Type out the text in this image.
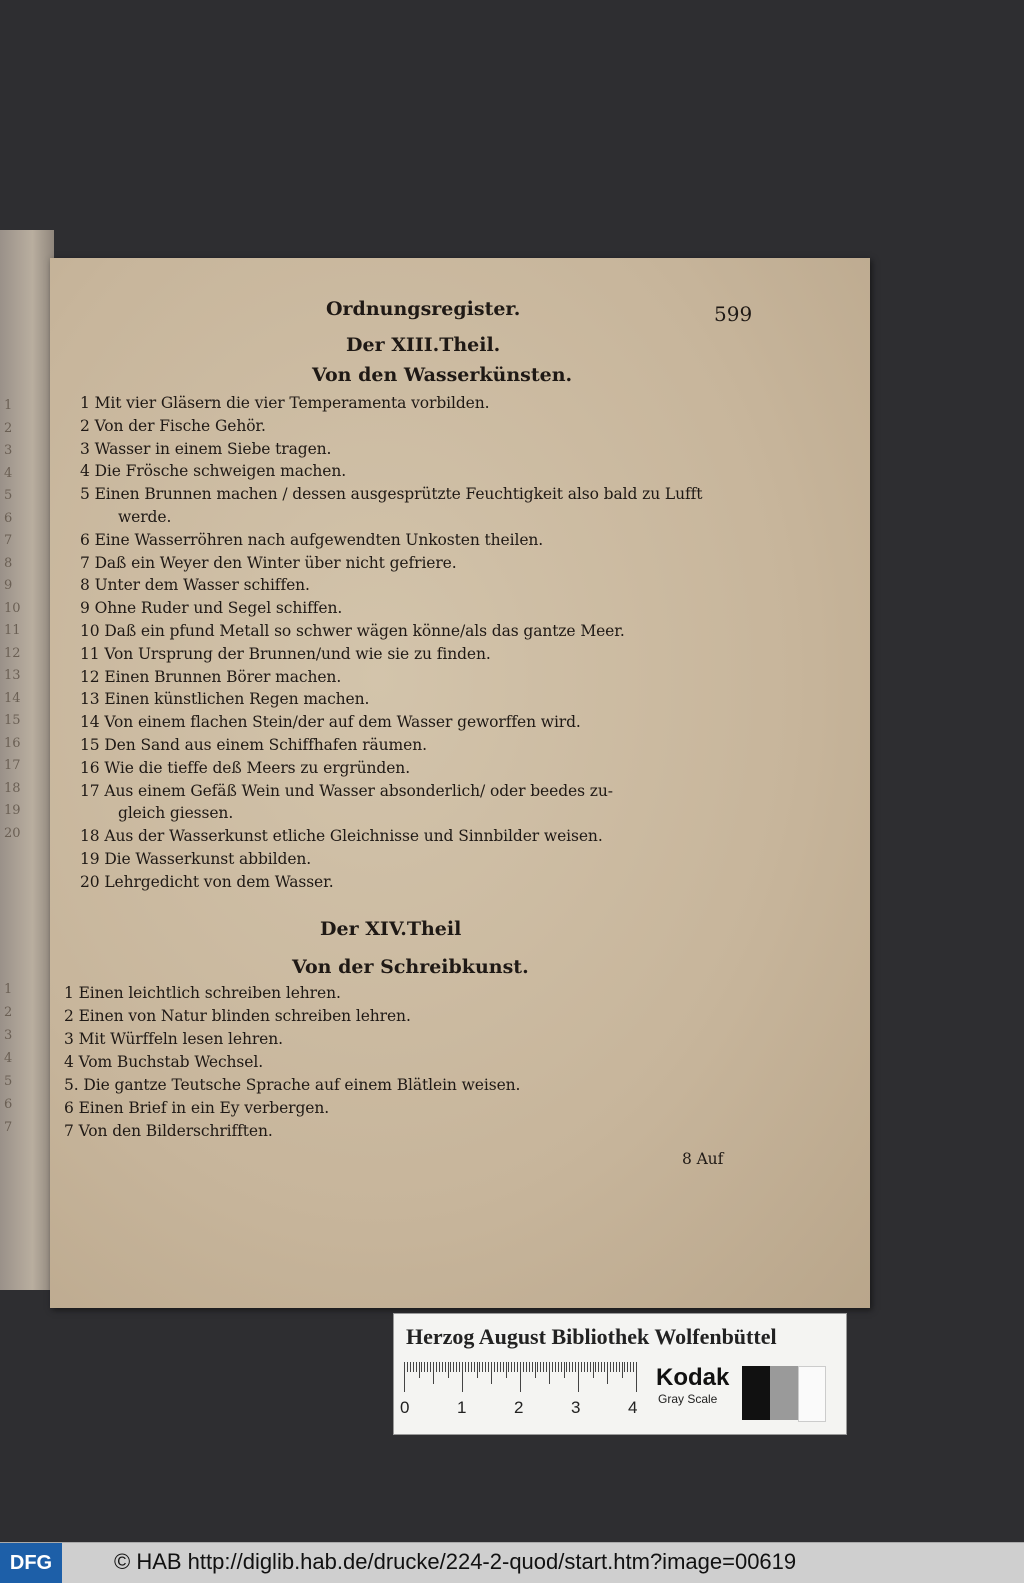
1
2
3
4
5
6
7
8
9
10
11
12
13
14
15
16
17
18
19
20
1
2
3
4
5
6
7
Ordnungsregister.	599
Der XIII.Theil.
Von den Wasserkünsten.
1 Mit vier Gläsern die vier Temperamenta vorbilden.
2 Von der Fische Gehör.
3 Wasser in einem Siebe tragen.
4 Die Frösche schweigen machen.
5 Einen Brunnen machen / dessen ausgesprützte Feuchtigkeit also bald zu Lufft
werde.
6 Eine Wasserröhren nach aufgewendten Unkosten theilen.
7 Daß ein Weyer den Winter über nicht gefriere.
8 Unter dem Wasser schiffen.
9 Ohne Ruder und Segel schiffen.
10 Daß ein pfund Metall so schwer wägen könne/als das gantze Meer.
11 Von Ursprung der Brunnen/und wie sie zu finden.
12 Einen Brunnen Börer machen.
13 Einen künstlichen Regen machen.
14 Von einem flachen Stein/der auf dem Wasser geworffen wird.
15 Den Sand aus einem Schiffhafen räumen.
16 Wie die tieffe deß Meers zu ergründen.
17 Aus einem Gefäß Wein und Wasser absonderlich/ oder beedes zu-
gleich giessen.
18 Aus der Wasserkunst etliche Gleichnisse und Sinnbilder weisen.
19 Die Wasserkunst abbilden.
20 Lehrgedicht von dem Wasser.
Der XIV.Theil
Von der Schreibkunst.
1 Einen leichtlich schreiben lehren.
2 Einen von Natur blinden schreiben lehren.
3 Mit Würffeln lesen lehren.
4 Vom Buchstab Wechsel.
5. Die gantze Teutsche Sprache auf einem Blätlein weisen.
6 Einen Brief in ein Ey verbergen.
7 Von den Bilderschrifften.
8 Auf
Herzog August Bibliothek Wolfenbüttel
0	1	2	3	4
Kodak
Gray Scale
DFG	© HAB http://diglib.hab.de/drucke/224-2-quod/start.htm?image=00619
